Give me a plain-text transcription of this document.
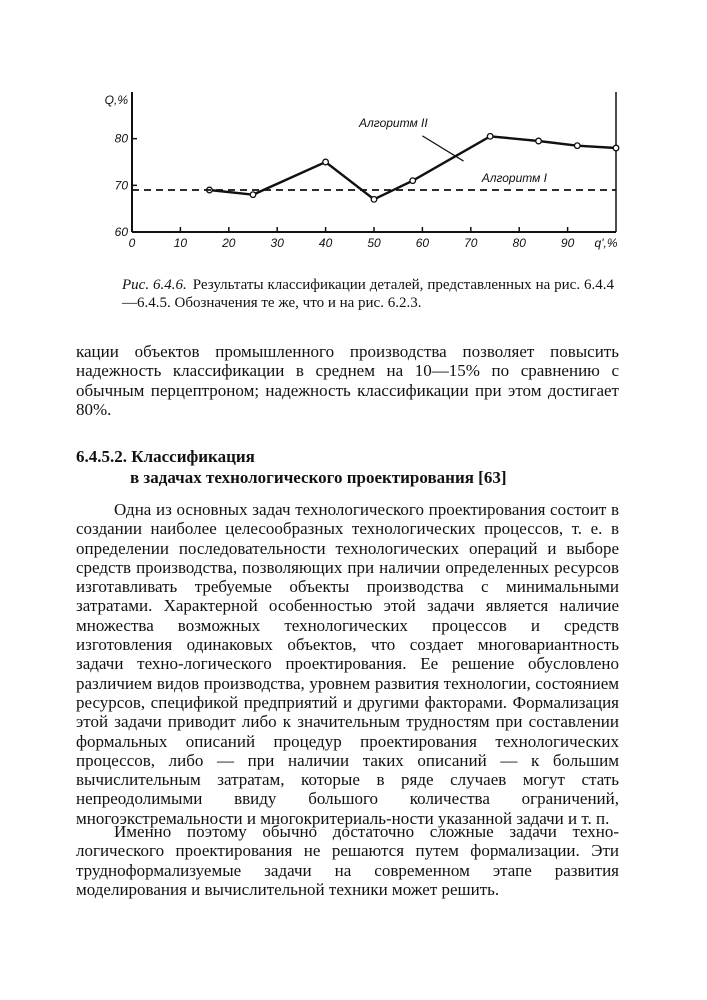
0	10	20	30	40	50	60	70	80	90 q',%
60
70
80
Q,%
Алгоритм II
Алгоритм I
Рис. 6.4.6. Результаты классификации деталей, представленных на рис. 6.4.4—6.4.5. Обозначения те же, что и на рис. 6.2.3.

кации объектов промышленного производства позволяет повысить надежность классификации в среднем на 10—15% по сравнению с обычным перцептроном; надежность классификации при этом достигает 80%.

6.4.5.2. Классификация
в задачах технологического проектирования [63]

Одна из основных задач технологического проектирования состоит в создании наиболее целесообразных технологических процессов, т. е. в определении последовательности технологических операций и выборе средств производства, позволяющих при наличии определенных ресурсов изготавливать требуемые объекты производства с минимальными затратами. Характерной особенностью этой задачи является наличие множества возможных технологических процессов и средств изготовления одинаковых объектов, что создает многовариантность задачи техно-логического проектирования. Ее решение обусловлено различием видов производства, уровнем развития технологии, состоянием ресурсов, спецификой предприятий и другими факторами. Формализация этой задачи приводит либо к значительным трудностям при составлении формальных описаний процедур проектирования технологических процессов, либо — при наличии таких описаний — к большим вычислительным затратам, которые в ряде случаев могут стать непреодолимыми ввиду большого количества ограничений, многоэкстремальности и многокритериаль-ности указанной задачи и т. п.

Именно поэтому обычно достаточно сложные задачи техно-логического проектирования не решаются путем формализации. Эти трудноформализуемые задачи на современном этапе развития моделирования и вычислительной техники может решить.
